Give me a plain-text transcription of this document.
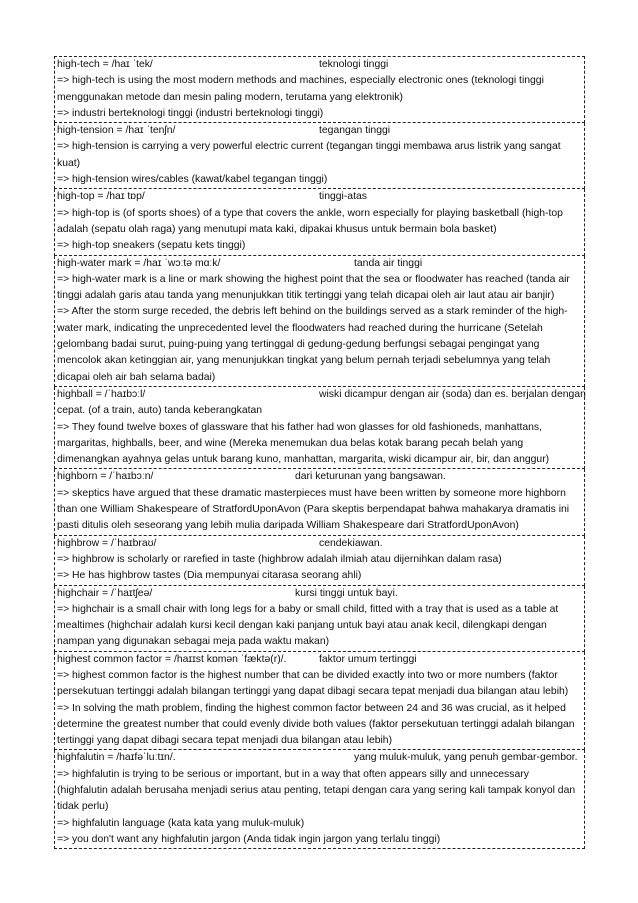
high-tech = /haɪ ˈtek/	teknologi tinggi
=> high-tech is using the most modern methods and machines, especially electronic ones (teknologi tinggi menggunakan metode dan mesin paling modern, terutama yang elektronik)
=> industri berteknologi tinggi (industri berteknologi tinggi)
high-tension = /haɪ ˈtenʃn/	tegangan tinggi
=> high-tension is carrying a very powerful electric current (tegangan tinggi membawa arus listrik yang sangat kuat)
=> high-tension wires/cables (kawat/kabel tegangan tinggi)
high-top = /haɪ tɒp/	tinggi-atas
=> high-top is (of sports shoes) of a type that covers the ankle, worn especially for playing basketball (high-top adalah (sepatu olah raga) yang menutupi mata kaki, dipakai khusus untuk bermain bola basket)
=> high-top sneakers (sepatu kets tinggi)
high-water mark = /haɪ ˈwɔːtə mɑːk/	tanda air tinggi
=> high-water mark is a line or mark showing the highest point that the sea or floodwater has reached (tanda air tinggi adalah garis atau tanda yang menunjukkan titik tertinggi yang telah dicapai oleh air laut atau air banjir)
=> After the storm surge receded, the debris left behind on the buildings served as a stark reminder of the high-water mark, indicating the unprecedented level the floodwaters had reached during the hurricane (Setelah gelombang badai surut, puing-puing yang tertinggal di gedung-gedung berfungsi sebagai pengingat yang mencolok akan ketinggian air, yang menunjukkan tingkat yang belum pernah terjadi sebelumnya yang telah dicapai oleh air bah selama badai)
highball = /ˈhaɪbɔːl/	wiski dicampur dengan air (soda) dan es. berjalan dengan
cepat. (of a train, auto) tanda keberangkatan
=> They found twelve boxes of glassware that his father had won glasses for old fashioneds, manhattans, margaritas, highballs, beer, and wine (Mereka menemukan dua belas kotak barang pecah belah yang dimenangkan ayahnya gelas untuk barang kuno, manhattan, margarita, wiski dicampur air, bir, dan anggur)
highborn = /ˈhaɪbɔːn/	dari keturunan yang bangsawan.
=> skeptics have argued that these dramatic masterpieces must have been written by someone more highborn than one William Shakespeare of StratfordUponAvon (Para skeptis berpendapat bahwa mahakarya dramatis ini pasti ditulis oleh seseorang yang lebih mulia daripada William Shakespeare dari StratfordUponAvon)
highbrow = /ˈhaɪbraʊ/	cendekiawan.
=> highbrow is scholarly or rarefied in taste (highbrow adalah ilmiah atau dijernihkan dalam rasa)
=> He has highbrow tastes (Dia mempunyai citarasa seorang ahli)
highchair = /ˈhaɪtʃeə/	kursi tinggi untuk bayi.
=> highchair is a small chair with long legs for a baby or small child, fitted with a tray that is used as a table at mealtimes (highchair adalah kursi kecil dengan kaki panjang untuk bayi atau anak kecil, dilengkapi dengan nampan yang digunakan sebagai meja pada waktu makan)
highest common factor = /haɪɪst kɒmən ˈfæktə(r)/.	faktor umum tertinggi
=> highest common factor is the highest number that can be divided exactly into two or more numbers (faktor persekutuan tertinggi adalah bilangan tertinggi yang dapat dibagi secara tepat menjadi dua bilangan atau lebih)
=> In solving the math problem, finding the highest common factor between 24 and 36 was crucial, as it helped determine the greatest number that could evenly divide both values (faktor persekutuan tertinggi adalah bilangan tertinggi yang dapat dibagi secara tepat menjadi dua bilangan atau lebih)
highfalutin = /haɪfəˈluːtɪn/.	yang muluk-muluk, yang penuh gembar-gembor.
=> highfalutin is trying to be serious or important, but in a way that often appears silly and unnecessary (highfalutin adalah berusaha menjadi serius atau penting, tetapi dengan cara yang sering kali tampak konyol dan tidak perlu)
=> highfalutin language (kata kata yang muluk-muluk)
=> you don't want any highfalutin jargon (Anda tidak ingin jargon yang terlalu tinggi)
